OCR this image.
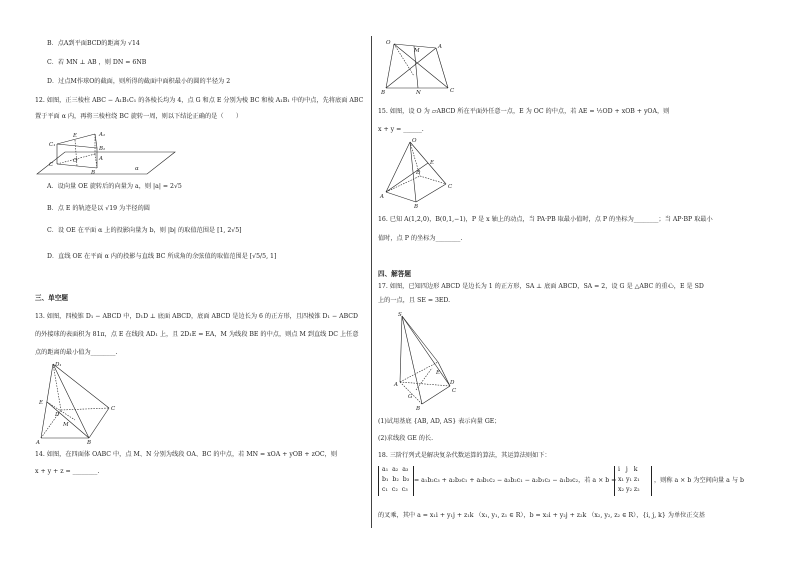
B．点A到平面BCD的距离为 √14
C．若 MN ⊥ AB ，则 DN = 6NB
D．过点M作球O的截面，则所得的截面中面积最小的圆的半径为 2
12. 如图，正三棱柱 ABC − A₁B₁C₁ 的各棱长均为 4，点 G 和点 E 分别为棱 BC 和棱 A₁B₁ 中的中点，先将底面 ABC
置于平面 α 内，再将三棱柱绕 BC 旋转一周，则以下结论正确的是（　　）
E	A₁
C₁
B₁
O	A
C
B
α
A．设向量 OE 旋转后的向量为 a，则 |a| = 2√5
B．点 E 的轨迹是以 √19 为半径的圆
C．设 OE 在平面 α 上的投影向量为 b，则 |b| 的取值范围是 [1, 2√5]
D．直线 OE 在平面 α 内的投影与直线 BC 所成角的余弦值的取值范围是 [√5/5, 1]
三、单空题
13. 如图，四棱锥 D₁ − ABCD 中，D₁D ⊥ 底面 ABCD，底面 ABCD 是边长为 6 的正方形，且四棱锥 D₁ − ABCD
的外接球的表面积为 81π，点 E 在线段 AD₁ 上，且 2D₁E = EA，M 为线段 BE 的中点，则点 M 到直线 DC 上任意
点的距离的最小值为________.
D₁
E
D
M
C
A	B
14. 如图，在四面体 OABC 中，点 M、N 分别为线段 OA、BC 的中点，若 MN = xOA + yOB + zOC，则
x + y + z = ________.
O
A
B	C
N
M
15. 如图，设 O 为 ▱ABCD 所在平面外任意一点，E 为 OC 的中点，若 AE = ½OD + xOB + yOA，则
x + y = ______.
O
E
D
C
A
B
16. 已知 A(1,2,0)，B(0,1,−1)，P 是 x 轴上的动点，当 PA·PB 取最小值时，点 P 的坐标为________；当 AP·BP 取最小
值时，点 P 的坐标为________.
四、解答题
17. 如图，已知四边形 ABCD 是边长为 1 的正方形，SA ⊥ 底面 ABCD，SA = 2，设 G 是 △ABC 的重心，E 是 SD
上的一点，且 SE = 3ED.
S
E
D
A
G
B
C
(1)试用基底 {AB, AD, AS} 表示向量 GE；
(2)求线段 GE 的长.
18. 三阶行列式是解决复杂代数运算的算法，其运算法则如下：
a₁ a₂ a₃
b₁ b₂ b₃
c₁ c₂ c₃
= a₁b₂c₃ + a₂b₃c₁ + a₃b₁c₂ − a₃b₂c₁ − a₂b₁c₃ − a₁b₃c₂，若 a × b =
i j k
x₁ y₁ z₁
x₂ y₂ z₂
，则称 a × b 为空间向量 a 与 b
的叉乘，其中 a = x₁i + y₁j + z₁k （x₁, y₁, z₁ ∈ R），b = x₂i + y₂j + z₂k （x₂, y₂, z₂ ∈ R），{i, j, k} 为单位正交基
